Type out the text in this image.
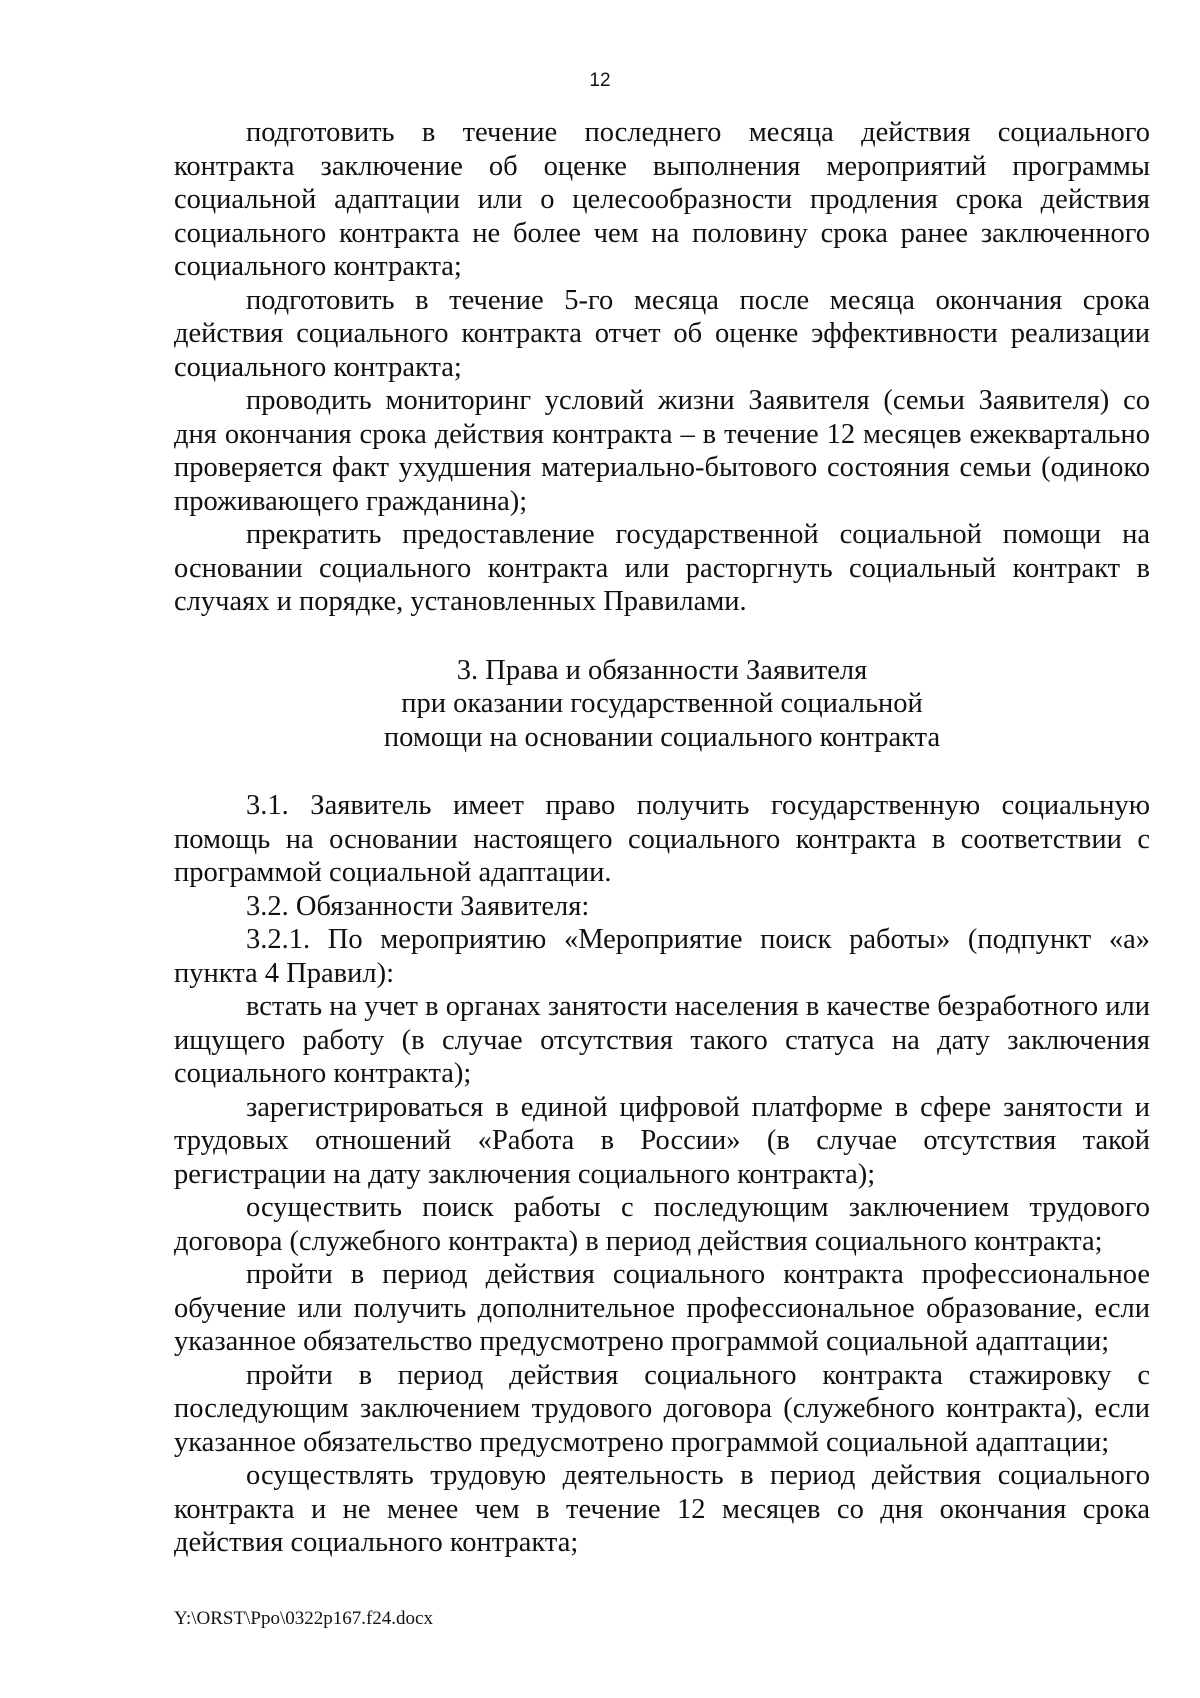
12

подготовить в течение последнего месяца действия социального контракта заключение об оценке выполнения мероприятий программы социальной адаптации или о целесообразности продления срока действия социального контракта не более чем на половину срока ранее заключенного социального контракта;

подготовить в течение 5-го месяца после месяца окончания срока действия социального контракта отчет об оценке эффективности реализации социального контракта;

проводить мониторинг условий жизни Заявителя (семьи Заявителя) со дня окончания срока действия контракта – в течение 12 месяцев ежеквартально проверяется факт ухудшения материально-бытового состояния семьи (одиноко проживающего гражданина);

прекратить предоставление государственной социальной помощи на основании социального контракта или расторгнуть социальный контракт в случаях и порядке, установленных Правилами.

3. Права и обязанности Заявителя
при оказании государственной социальной
помощи на основании социального контракта

3.1. Заявитель имеет право получить государственную социальную помощь на основании настоящего социального контракта в соответствии с программой социальной адаптации.

3.2. Обязанности Заявителя:

3.2.1. По мероприятию «Мероприятие поиск работы» (подпункт «а» пункта 4 Правил):

встать на учет в органах занятости населения в качестве безработного или ищущего работу (в случае отсутствия такого статуса на дату заключения социального контракта);

зарегистрироваться в единой цифровой платформе в сфере занятости и трудовых отношений «Работа в России» (в случае отсутствия такой регистрации на дату заключения социального контракта);

осуществить поиск работы с последующим заключением трудового договора (служебного контракта) в период действия социального контракта;

пройти в период действия социального контракта профессиональное обучение или получить дополнительное профессиональное образование, если указанное обязательство предусмотрено программой социальной адаптации;

пройти в период действия социального контракта стажировку с последующим заключением трудового договора (служебного контракта), если указанное обязательство предусмотрено программой социальной адаптации;

осуществлять трудовую деятельность в период действия социального контракта и не менее чем в течение 12 месяцев со дня окончания срока действия социального контракта;

Y:\ORST\Ppo\0322p167.f24.docx
